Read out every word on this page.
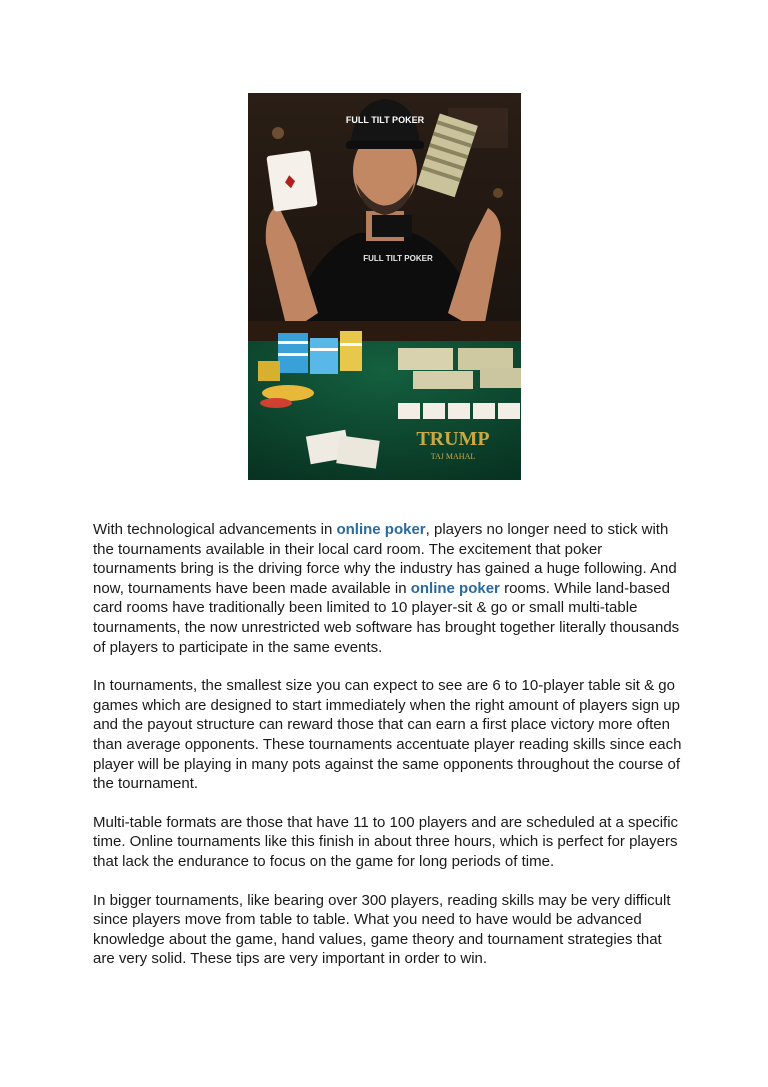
FULL TILT POKER
FULL TILT POKER
♦
TRUMP
TAJ MAHAL

With technological advancements in online poker, players no longer need to stick with the tournaments available in their local card room. The excitement that poker tournaments bring is the driving force why the industry has gained a huge following. And now, tournaments have been made available in online poker rooms. While land-based card rooms have traditionally been limited to 10 player-sit & go or small multi-table tournaments, the now unrestricted web software has brought together literally thousands of players to participate in the same events.

In tournaments, the smallest size you can expect to see are 6 to 10-player table sit & go games which are designed to start immediately when the right amount of players sign up and the payout structure can reward those that can earn a first place victory more often than average opponents. These tournaments accentuate player reading skills since each player will be playing in many pots against the same opponents throughout the course of the tournament.

Multi-table formats are those that have 11 to 100 players and are scheduled at a specific time. Online tournaments like this finish in about three hours, which is perfect for players that lack the endurance to focus on the game for long periods of time.

In bigger tournaments, like bearing over 300 players, reading skills may be very difficult since players move from table to table. What you need to have would be advanced knowledge about the game, hand values, game theory and tournament strategies that are very solid. These tips are very important in order to win.
